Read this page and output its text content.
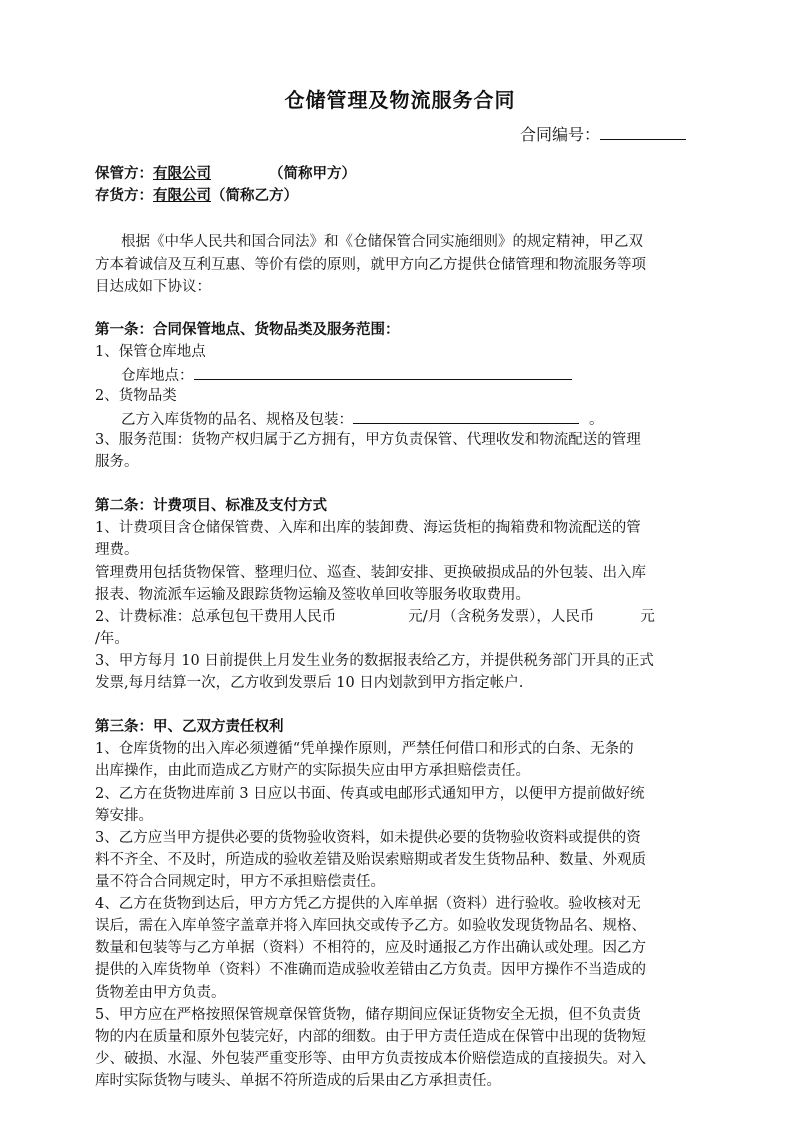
仓储管理及物流服务合同
合同编号：
保管方：有限公司	（简称甲方）
存货方：有限公司（简称乙方）
根据《中华人民共和国合同法》和《仓储保管合同实施细则》的规定精神，甲乙双
方本着诚信及互利互惠、等价有偿的原则，就甲方向乙方提供仓储管理和物流服务等项
目达成如下协议：
第一条：合同保管地点、货物品类及服务范围：
1、保管仓库地点
仓库地点：
2、货物品类
乙方入库货物的品名、规格及包装：	。
3、服务范围：货物产权归属于乙方拥有，甲方负责保管、代理收发和物流配送的管理
服务。
第二条：计费项目、标准及支付方式
1、计费项目含仓储保管费、入库和出库的装卸费、海运货柜的掏箱费和物流配送的管
理费。
管理费用包括货物保管、整理归位、巡查、装卸安排、更换破损成品的外包装、出入库
报表、物流派车运输及跟踪货物运输及签收单回收等服务收取费用。
2、计费标准：总承包包干费用人民币	元/月（含税务发票），人民币	元
/年。
3、甲方每月 10 日前提供上月发生业务的数据报表给乙方，并提供税务部门开具的正式
发票,每月结算一次，乙方收到发票后 10 日内划款到甲方指定帐户.
第三条：甲、乙双方责任权利
1、仓库货物的出入库必须遵循“凭单操作原则，严禁任何借口和形式的白条、无条的
出库操作，由此而造成乙方财产的实际损失应由甲方承担赔偿责任。
2、乙方在货物进库前 3 日应以书面、传真或电邮形式通知甲方，以便甲方提前做好统
筹安排。
3、乙方应当甲方提供必要的货物验收资料，如未提供必要的货物验收资料或提供的资
料不齐全、不及时，所造成的验收差错及贻误索赔期或者发生货物品种、数量、外观质
量不符合合同规定时，甲方不承担赔偿责任。
4、乙方在货物到达后，甲方方凭乙方提供的入库单据（资料）进行验收。验收核对无
误后，需在入库单签字盖章并将入库回执交或传予乙方。如验收发现货物品名、规格、
数量和包装等与乙方单据（资料）不相符的，应及时通报乙方作出确认或处理。因乙方
提供的入库货物单（资料）不准确而造成验收差错由乙方负责。因甲方操作不当造成的
货物差由甲方负责。
5、甲方应在严格按照保管规章保管货物，储存期间应保证货物安全无损，但不负责货
物的内在质量和原外包装完好，内部的细数。由于甲方责任造成在保管中出现的货物短
少、破损、水湿、外包装严重变形等、由甲方负责按成本价赔偿造成的直接损失。对入
库时实际货物与唛头、单据不符所造成的后果由乙方承担责任。
